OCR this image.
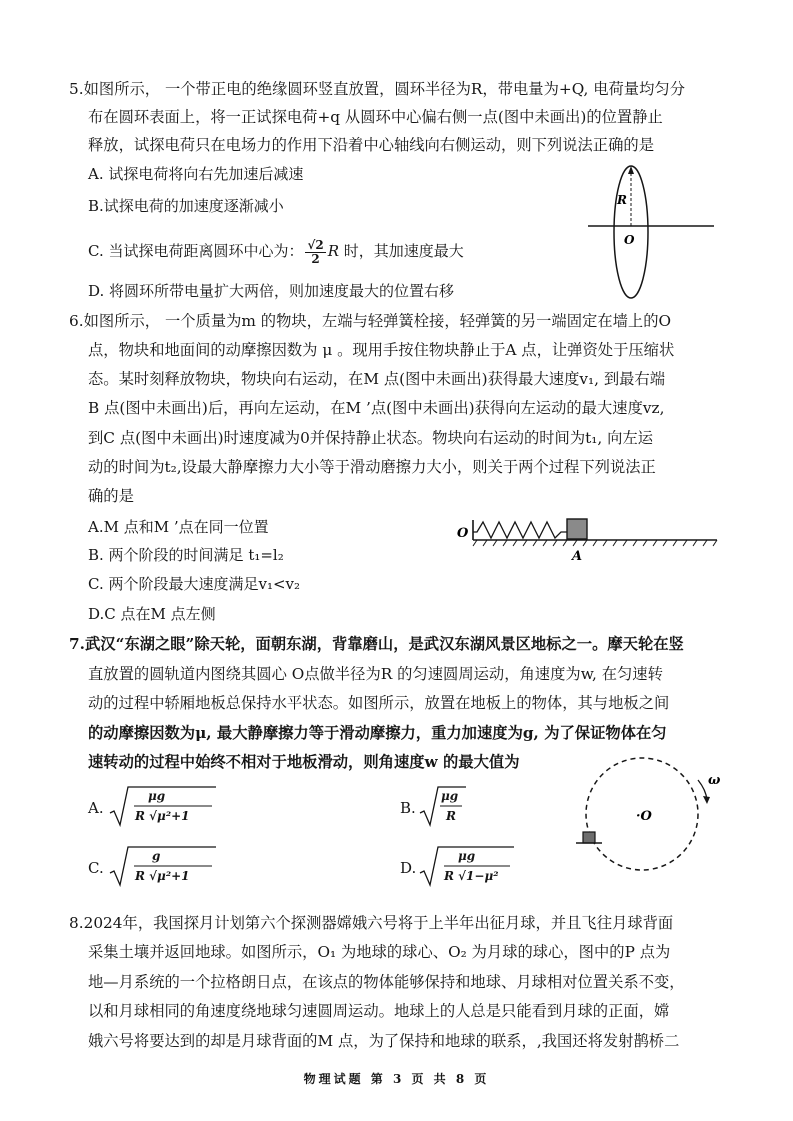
5.如图所示， 一个带正电的绝缘圆环竖直放置，圆环半径为R，带电量为+Q, 电荷量均匀分
布在圆环表面上，将一正试探电荷+q 从圆环中心偏右侧一点(图中未画出)的位置静止
释放，试探电荷只在电场力的作用下沿着中心轴线向右侧运动，则下列说法正确的是
A. 试探电荷将向右先加速后减速
B.试探电荷的加速度逐渐减小
C. 当试探电荷距离圆环中心为： $\frac{√2}{2}$ R 时，其加速度最大
D. 将圆环所带电量扩大两倍，则加速度最大的位置右移
R
O
6.如图所示， 一个质量为m 的物块，左端与轻弹簧栓接，轻弹簧的另一端固定在墙上的O
点，物块和地面间的动摩擦因数为 μ 。现用手按住物块静止于A 点，让弹资处于压缩状
态。某时刻释放物块，物块向右运动，在M 点(图中未画出)获得最大速度v₁, 到最右端
B 点(图中未画出)后，再向左运动，在M ’点(图中未画出)获得向左运动的最大速度vz,
到C 点(图中未画出)时速度减为0并保持静止状态。物块向右运动的时间为t₁, 向左运
动的时间为t₂,设最大静摩擦力大小等于滑动磨擦力大小，则关于两个过程下列说法正
确的是
A.M 点和M ’点在同一位置
B. 两个阶段的时间满足 t₁=l₂
C. 两个阶段最大速度满足v₁<v₂
D.C 点在M 点左侧
O
A
7.武汉“东湖之眼”除天轮，面朝东湖，背靠磨山，是武汉东湖风景区地标之一。摩天轮在竖
直放置的圆轨道内图绕其圆心 O点做半径为R 的匀速圆周运动，角速度为w, 在匀速转
动的过程中轿厢地板总保持水平状态。如图所示，放置在地板上的物体，其与地板之间
的动摩擦因数为μ, 最大静摩擦力等于滑动摩擦力，重力加速度为g, 为了保证物体在匀
速转动的过程中始终不相对于地板滑动，则角速度w 的最大值为
A.
μg
R √μ²+1	B.
μg
R
C.
g
R √μ²+1	D.
μg
R √1−μ²
ω
·O
8.2024年，我国探月计划第六个探测器嫦娥六号将于上半年出征月球，并且飞往月球背面
采集土壤并返回地球。如图所示，O₁ 为地球的球心、O₂ 为月球的球心，图中的P 点为
地—月系统的一个拉格朗日点，在该点的物体能够保持和地球、月球相对位置关系不变，
以和月球相同的角速度绕地球匀速圆周运动。地球上的人总是只能看到月球的正面，嫦
娥六号将要达到的却是月球背面的M 点，为了保持和地球的联系，,我国还将发射鹊桥二
物理试题 第 3 页 共 8 页
